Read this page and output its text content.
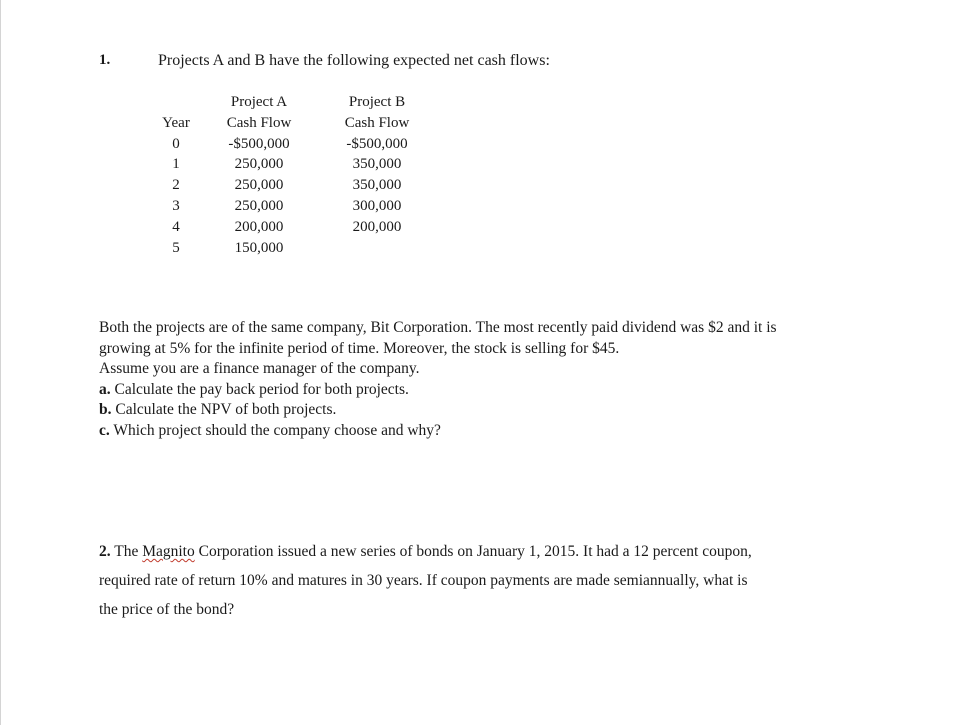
1.	Projects A and B have the following expected net cash flows:
Year
0
1
2
3
4
5
Project A
Cash Flow
-$500,000
250,000
250,000
250,000
200,000
150,000
Project B
Cash Flow
-$500,000
350,000
350,000
300,000
200,000
Both the projects are of the same company, Bit Corporation. The most recently paid dividend was $2 and it is
growing at 5% for the infinite period of time. Moreover, the stock is selling for $45.
Assume you are a finance manager of the company.
a. Calculate the pay back period for both projects.
b. Calculate the NPV of both projects.
c. Which project should the company choose and why?
2. The Magnito Corporation issued a new series of bonds on January 1, 2015. It had a 12 percent coupon,
required rate of return 10% and matures in 30 years. If coupon payments are made semiannually, what is
the price of the bond?
